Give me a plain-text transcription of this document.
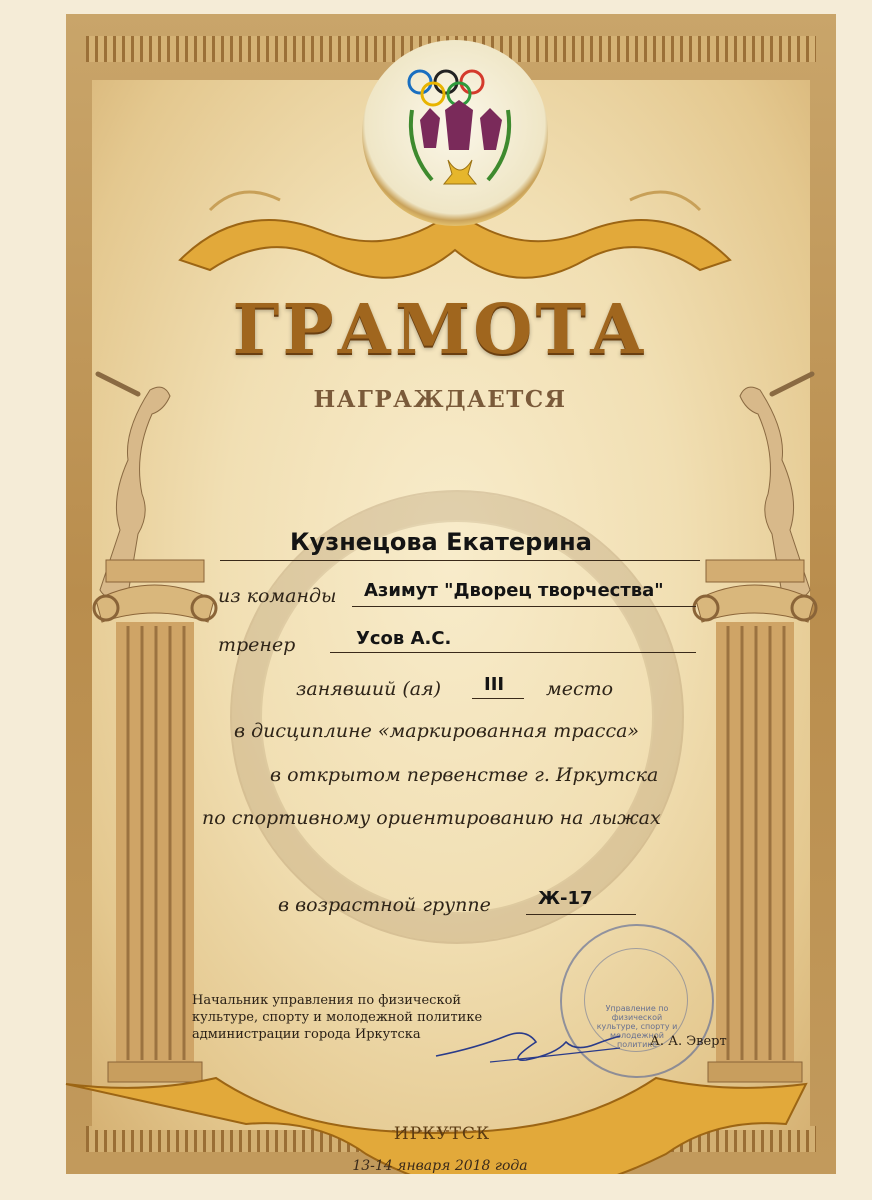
ГРАМОТА
НАГРАЖДАЕТСЯ
Кузнецова Екатерина
из команды Азимут "Дворец творчества"
тренер	Усов А.С.
занявший (ая) III место
в дисциплине «маркированная трасса»
в открытом первенстве г. Иркутска
по спортивному ориентированию на лыжах
в возрастной группе	Ж-17
Управление по физической
культуре, спорту и
молодежной политике
Начальник управления по физической
культуре, спорту и молодежной политике
администрации города Иркутска	А. А. Эверт
ИРКУТСК
13-14 января 2018 года
